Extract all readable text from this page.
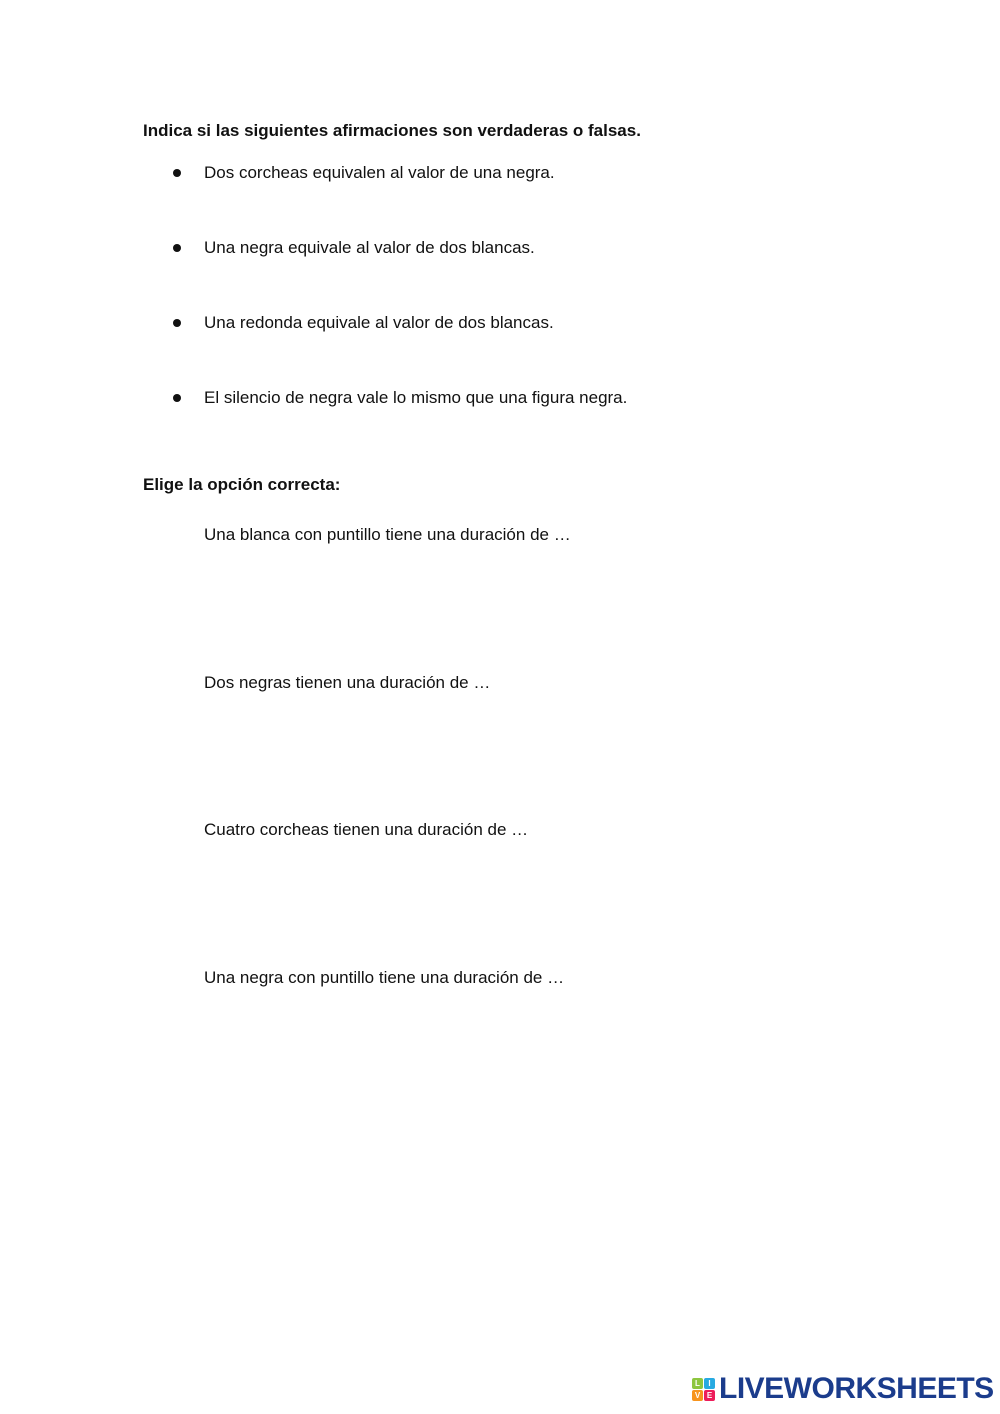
Indica si las siguientes afirmaciones son verdaderas o falsas.

Dos corcheas equivalen al valor de una negra.
Una negra equivale al valor de dos blancas.
Una redonda equivale al valor de dos blancas.
El silencio de negra vale lo mismo que una figura negra.

Elige la opción correcta:

Una blanca con puntillo tiene una duración de …
Dos negras tienen una duración de …
Cuatro corcheas tienen una duración de …
Una negra con puntillo tiene una duración de …
L	I
V E LIVEWORKSHEETS
